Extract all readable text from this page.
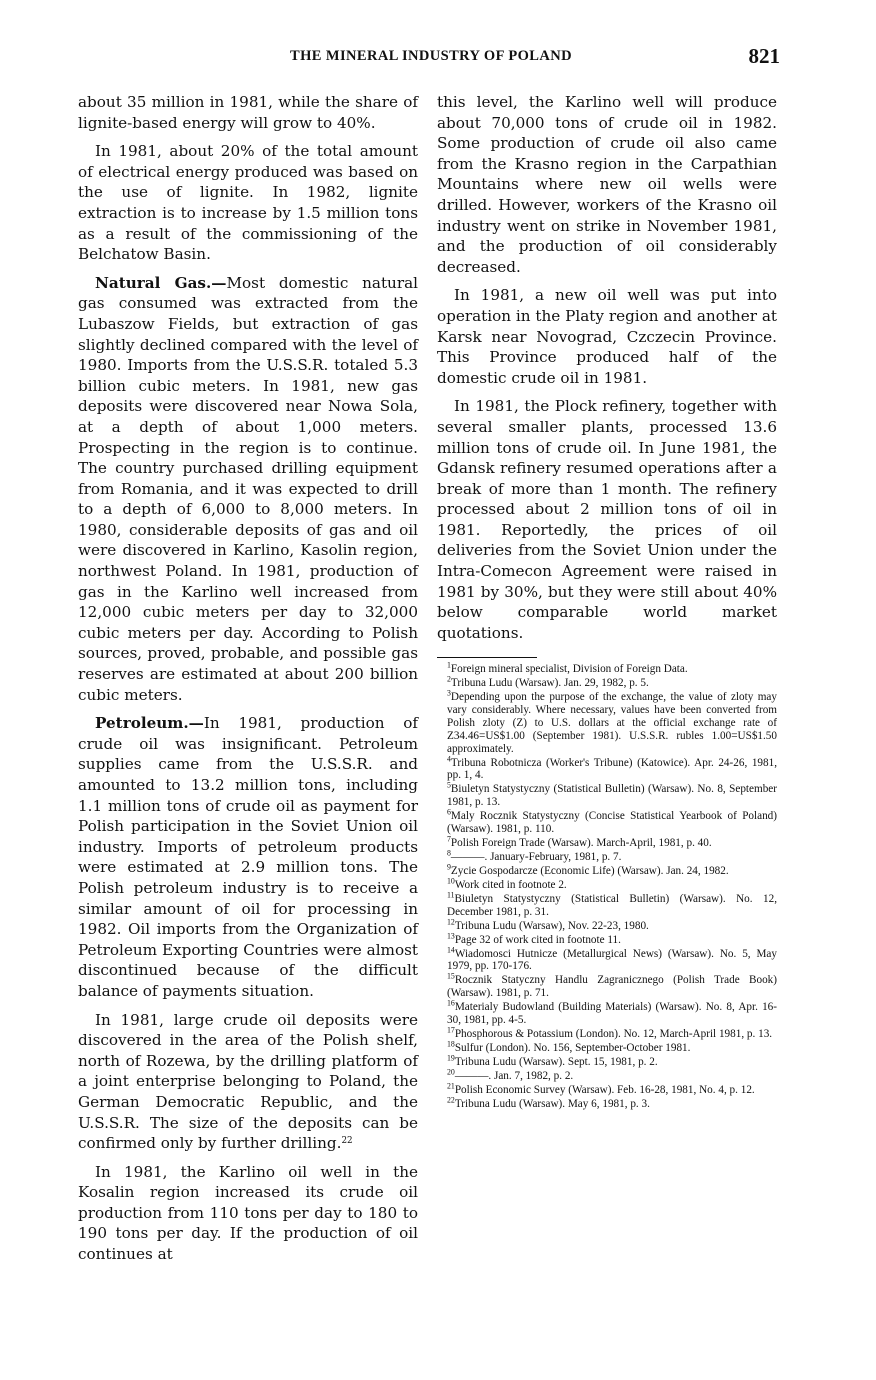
THE MINERAL INDUSTRY OF POLAND	821

about 35 million in 1981, while the share of lignite-based energy will grow to 40%.

In 1981, about 20% of the total amount of electrical energy produced was based on the use of lignite. In 1982, lignite extraction is to increase by 1.5 million tons as a result of the commissioning of the Belchatow Basin.

Natural Gas.—Most domestic natural gas consumed was extracted from the Lubaszow Fields, but extraction of gas slightly declined compared with the level of 1980. Imports from the U.S.S.R. totaled 5.3 billion cubic meters. In 1981, new gas deposits were discovered near Nowa Sola, at a depth of about 1,000 meters. Prospecting in the region is to continue. The country purchased drilling equipment from Romania, and it was expected to drill to a depth of 6,000 to 8,000 meters. In 1980, considerable deposits of gas and oil were discovered in Karlino, Kasolin region, northwest Poland. In 1981, production of gas in the Karlino well increased from 12,000 cubic meters per day to 32,000 cubic meters per day. According to Polish sources, proved, probable, and possible gas reserves are estimated at about 200 billion cubic meters.

Petroleum.—In 1981, production of crude oil was insignificant. Petroleum supplies came from the U.S.S.R. and amounted to 13.2 million tons, including 1.1 million tons of crude oil as payment for Polish participation in the Soviet Union oil industry. Imports of petroleum products were estimated at 2.9 million tons. The Polish petroleum industry is to receive a similar amount of oil for processing in 1982. Oil imports from the Organization of Petroleum Exporting Countries were almost discontinued because of the difficult balance of payments situation.

In 1981, large crude oil deposits were discovered in the area of the Polish shelf, north of Rozewa, by the drilling platform of a joint enterprise belonging to Poland, the German Democratic Republic, and the U.S.S.R. The size of the deposits can be confirmed only by further drilling.$^{22}$

In 1981, the Karlino oil well in the Kosalin region increased its crude oil production from 110 tons per day to 180 to 190 tons per day. If the production of oil continues at

this level, the Karlino well will produce about 70,000 tons of crude oil in 1982. Some production of crude oil also came from the Krasno region in the Carpathian Mountains where new oil wells were drilled. However, workers of the Krasno oil industry went on strike in November 1981, and the production of oil considerably decreased.

In 1981, a new oil well was put into operation in the Platy region and another at Karsk near Novograd, Czczecin Province. This Province produced half of the domestic crude oil in 1981.

In 1981, the Plock refinery, together with several smaller plants, processed 13.6 million tons of crude oil. In June 1981, the Gdansk refinery resumed operations after a break of more than 1 month. The refinery processed about 2 million tons of oil in 1981. Reportedly, the prices of oil deliveries from the Soviet Union under the Intra-Comecon Agreement were raised in 1981 by 30%, but they were still about 40% below comparable world market quotations.

$^1$Foreign mineral specialist, Division of Foreign Data.
$^2$Tribuna Ludu (Warsaw). Jan. 29, 1982, p. 5.
$^3$Depending upon the purpose of the exchange, the value of zloty may vary considerably. Where necessary, values have been converted from Polish zloty (Z) to U.S. dollars at the official exchange rate of Z34.46=US$1.00 (September 1981). U.S.S.R. rubles 1.00=US$1.50 approximately.
$^4$Tribuna Robotnicza (Worker's Tribune) (Katowice). Apr. 24-26, 1981, pp. 1, 4.
$^5$Biuletyn Statystyczny (Statistical Bulletin) (Warsaw). No. 8, September 1981, p. 13.
$^6$Maly Rocznik Statystyczny (Concise Statistical Yearbook of Poland) (Warsaw). 1981, p. 110.
$^7$Polish Foreign Trade (Warsaw). March-April, 1981, p. 40.
$^8$———. January-February, 1981, p. 7.
$^9$Zycie Gospodarcze (Economic Life) (Warsaw). Jan. 24, 1982.
$^{10}$Work cited in footnote 2.
$^{11}$Biuletyn Statystyczny (Statistical Bulletin) (Warsaw). No. 12, December 1981, p. 31.
$^{12}$Tribuna Ludu (Warsaw), Nov. 22-23, 1980.
$^{13}$Page 32 of work cited in footnote 11.
$^{14}$Wiadomosci Hutnicze (Metallurgical News) (Warsaw). No. 5, May 1979, pp. 170-176.
$^{15}$Rocznik Statyczny Handlu Zagranicznego (Polish Trade Book) (Warsaw). 1981, p. 71.
$^{16}$Materialy Budowland (Building Materials) (Warsaw). No. 8, Apr. 16-30, 1981, pp. 4-5.
$^{17}$Phosphorous & Potassium (London). No. 12, March-April 1981, p. 13.
$^{18}$Sulfur (London). No. 156, September-October 1981.
$^{19}$Tribuna Ludu (Warsaw). Sept. 15, 1981, p. 2.
$^{20}$———. Jan. 7, 1982, p. 2.
$^{21}$Polish Economic Survey (Warsaw). Feb. 16-28, 1981, No. 4, p. 12.
$^{22}$Tribuna Ludu (Warsaw). May 6, 1981, p. 3.
